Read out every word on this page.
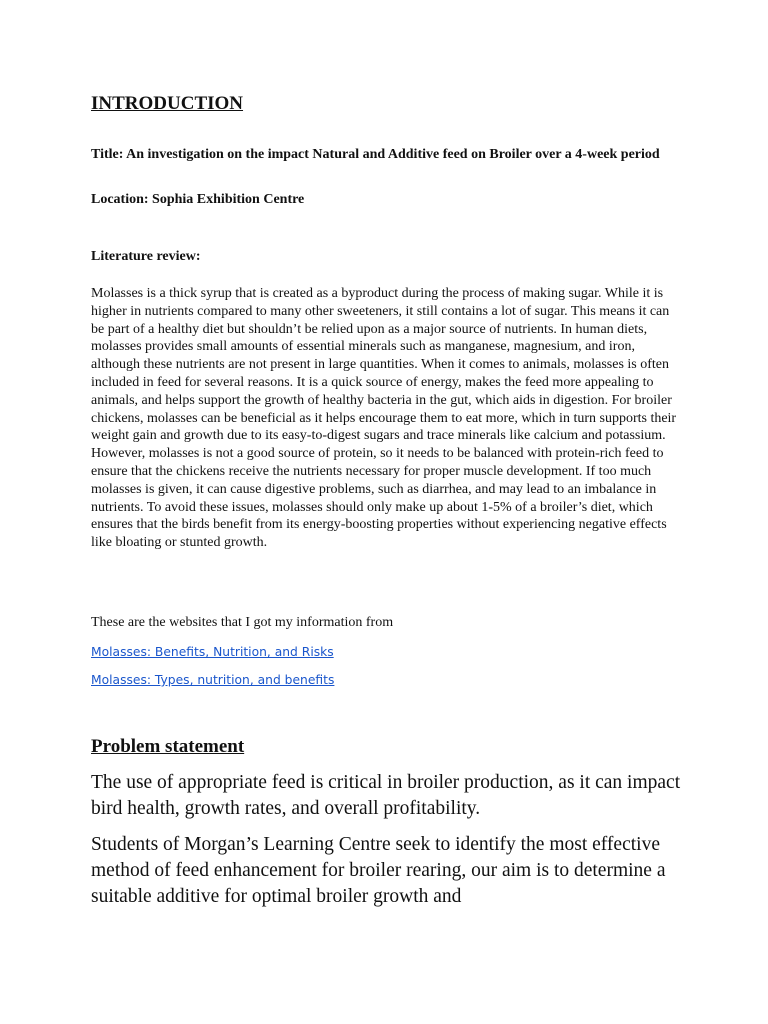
INTRODUCTION
Title: An investigation on the impact Natural and Additive feed on Broiler over a 4-week period
Location: Sophia Exhibition Centre
Literature review:
Molasses is a thick syrup that is created as a byproduct during the process of making sugar. While it is higher in nutrients compared to many other sweeteners, it still contains a lot of sugar. This means it can be part of a healthy diet but shouldn’t be relied upon as a major source of nutrients. In human diets, molasses provides small amounts of essential minerals such as manganese, magnesium, and iron, although these nutrients are not present in large quantities. When it comes to animals, molasses is often included in feed for several reasons. It is a quick source of energy, makes the feed more appealing to animals, and helps support the growth of healthy bacteria in the gut, which aids in digestion. For broiler chickens, molasses can be beneficial as it helps encourage them to eat more, which in turn supports their weight gain and growth due to its easy-to-digest sugars and trace minerals like calcium and potassium. However, molasses is not a good source of protein, so it needs to be balanced with protein-rich feed to ensure that the chickens receive the nutrients necessary for proper muscle development. If too much molasses is given, it can cause digestive problems, such as diarrhea, and may lead to an imbalance in nutrients. To avoid these issues, molasses should only make up about 1-5% of a broiler’s diet, which ensures that the birds benefit from its energy-boosting properties without experiencing negative effects like bloating or stunted growth.
These are the websites that I got my information from
Molasses: Benefits, Nutrition, and Risks
Molasses: Types, nutrition, and benefits
Problem statement
The use of appropriate feed is critical in broiler production, as it can impact bird health, growth rates, and overall profitability.
Students of Morgan’s Learning Centre seek to identify the most effective method of feed enhancement for broiler rearing, our aim is to determine a suitable additive for optimal broiler growth and
